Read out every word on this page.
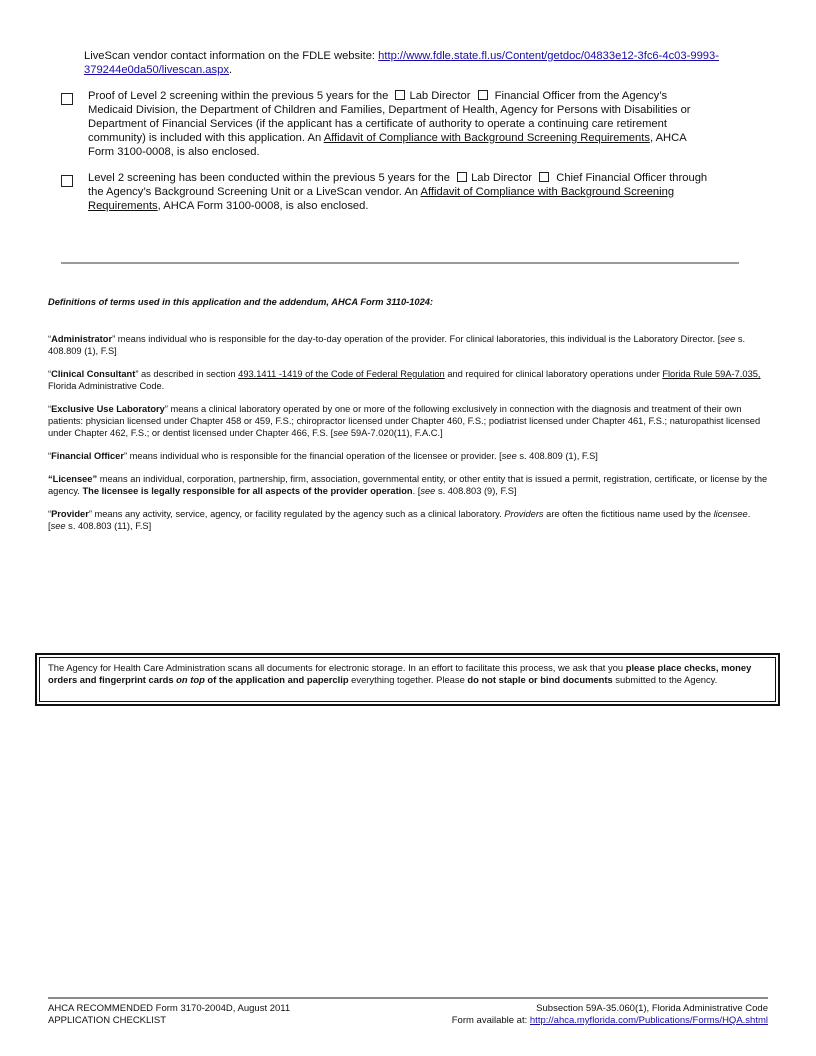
LiveScan vendor contact information on the FDLE website: http://www.fdle.state.fl.us/Content/getdoc/04833e12-3fc6-4c03-9993-379244e0da50/livescan.aspx.
Proof of Level 2 screening within the previous 5 years for the Lab Director Financial Officer from the Agency’s
Medicaid Division, the Department of Children and Families, Department of Health, Agency for Persons with Disabilities or
Department of Financial Services (if the applicant has a certificate of authority to operate a continuing care retirement
community) is included with this application. An Affidavit of Compliance with Background Screening Requirements, AHCA
Form 3100-0008, is also enclosed.
Level 2 screening has been conducted within the previous 5 years for the Lab Director Chief Financial Officer through
the Agency’s Background Screening Unit or a LiveScan vendor. An Affidavit of Compliance with Background Screening
Requirements, AHCA Form 3100-0008, is also enclosed.
Definitions of terms used in this application and the addendum, AHCA Form 3110-1024:

“Administrator” means individual who is responsible for the day-to-day operation of the provider. For clinical laboratories, this individual is the Laboratory Director. [see s. 408.809 (1), F.S]

“Clinical Consultant” as described in section 493.1411 -1419 of the Code of Federal Regulation and required for clinical laboratory operations under Florida Rule 59A-7.035, Florida Administrative Code.

“Exclusive Use Laboratory” means a clinical laboratory operated by one or more of the following exclusively in connection with the diagnosis and treatment of their own patients: physician licensed under Chapter 458 or 459, F.S.; chiropractor licensed under Chapter 460, F.S.; podiatrist licensed under Chapter 461, F.S.; naturopathist licensed under Chapter 462, F.S.; or dentist licensed under Chapter 466, F.S. [see 59A-7.020(11), F.A.C.]

“Financial Officer” means individual who is responsible for the financial operation of the licensee or provider. [see s. 408.809 (1), F.S]

“Licensee” means an individual, corporation, partnership, firm, association, governmental entity, or other entity that is issued a permit, registration, certificate, or license by the agency. The licensee is legally responsible for all aspects of the provider operation. [see s. 408.803 (9), F.S]

“Provider” means any activity, service, agency, or facility regulated by the agency such as a clinical laboratory. Providers are often the fictitious name used by the licensee. [see s. 408.803 (11), F.S]

The Agency for Health Care Administration scans all documents for electronic storage. In an effort to facilitate this process, we ask that you please place checks, money orders and fingerprint cards on top of the application and paperclip everything together. Please do not staple or bind documents submitted to the Agency.
AHCA RECOMMENDED Form 3170-2004D, August 2011
APPLICATION CHECKLIST
Subsection 59A-35.060(1), Florida Administrative Code
Form available at: http://ahca.myflorida.com/Publications/Forms/HQA.shtml
